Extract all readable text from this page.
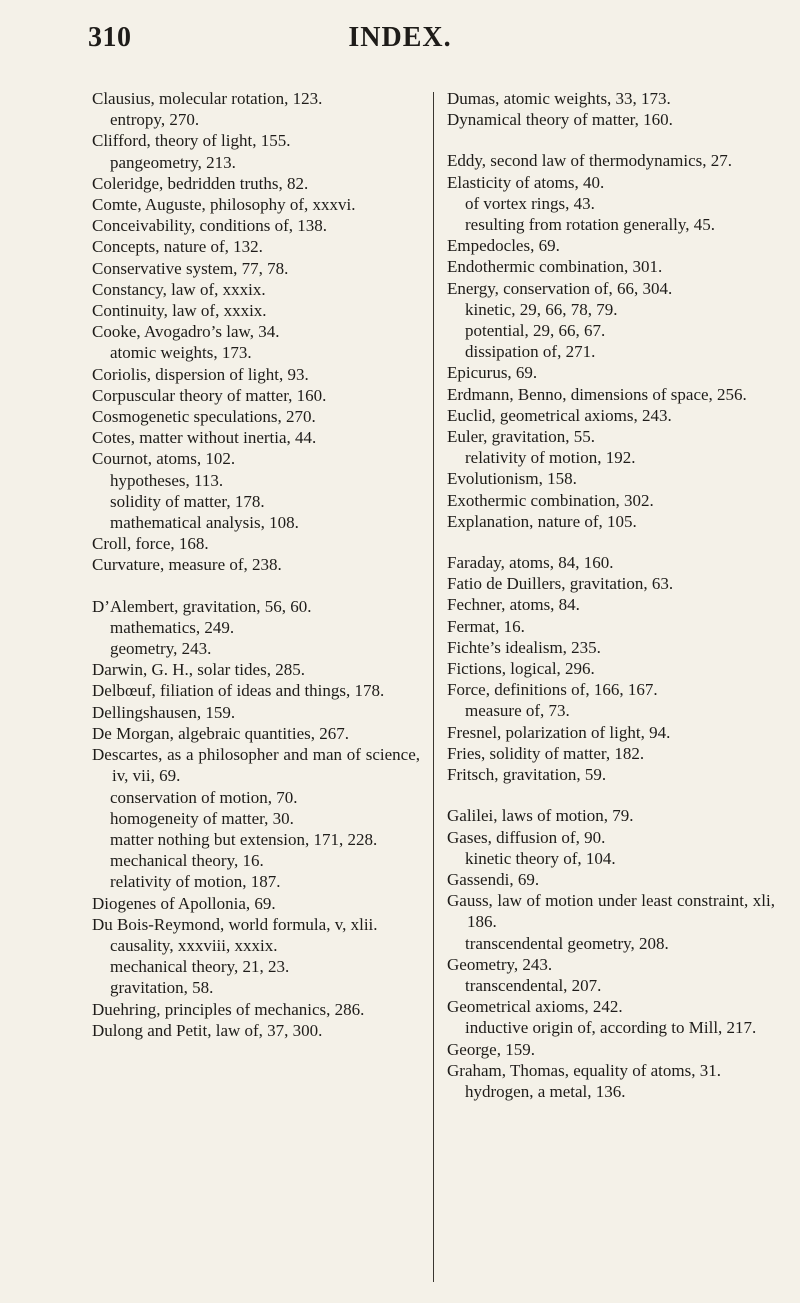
310	INDEX.

Clausius, molecular rotation, 123.

entropy, 270.

Clifford, theory of light, 155.

pangeometry, 213.

Coleridge, bedridden truths, 82.

Comte, Auguste, philosophy of, xxxvi.

Conceivability, conditions of, 138.

Concepts, nature of, 132.

Conservative system, 77, 78.

Constancy, law of, xxxix.

Continuity, law of, xxxix.

Cooke, Avogadro’s law, 34.

atomic weights, 173.

Coriolis, dispersion of light, 93.

Corpuscular theory of matter, 160.

Cosmogenetic speculations, 270.

Cotes, matter without inertia, 44.

Cournot, atoms, 102.

hypotheses, 113.

solidity of matter, 178.

mathematical analysis, 108.

Croll, force, 168.

Curvature, measure of, 238.

D’Alembert, gravitation, 56, 60.

mathematics, 249.

geometry, 243.

Darwin, G. H., solar tides, 285.

Delbœuf, filiation of ideas and things, 178.

Dellingshausen, 159.

De Morgan, algebraic quantities, 267.

Descartes, as a philosopher and man of science, iv, vii, 69.

conservation of motion, 70.

homogeneity of matter, 30.

matter nothing but extension, 171, 228.

mechanical theory, 16.

relativity of motion, 187.

Diogenes of Apollonia, 69.

Du Bois-Reymond, world formula, v, xlii.

causality, xxxviii, xxxix.

mechanical theory, 21, 23.

gravitation, 58.

Duehring, principles of mechanics, 286.

Dulong and Petit, law of, 37, 300.

Dumas, atomic weights, 33, 173.

Dynamical theory of matter, 160.

Eddy, second law of thermodynamics, 27.

Elasticity of atoms, 40.

of vortex rings, 43.

resulting from rotation generally, 45.

Empedocles, 69.

Endothermic combination, 301.

Energy, conservation of, 66, 304.

kinetic, 29, 66, 78, 79.

potential, 29, 66, 67.

dissipation of, 271.

Epicurus, 69.

Erdmann, Benno, dimensions of space, 256.

Euclid, geometrical axioms, 243.

Euler, gravitation, 55.

relativity of motion, 192.

Evolutionism, 158.

Exothermic combination, 302.

Explanation, nature of, 105.

Faraday, atoms, 84, 160.

Fatio de Duillers, gravitation, 63.

Fechner, atoms, 84.

Fermat, 16.

Fichte’s idealism, 235.

Fictions, logical, 296.

Force, definitions of, 166, 167.

measure of, 73.

Fresnel, polarization of light, 94.

Fries, solidity of matter, 182.

Fritsch, gravitation, 59.

Galilei, laws of motion, 79.

Gases, diffusion of, 90.

kinetic theory of, 104.

Gassendi, 69.

Gauss, law of motion under least constraint, xli, 186.

transcendental geometry, 208.

Geometry, 243.

transcendental, 207.

Geometrical axioms, 242.

inductive origin of, according to Mill, 217.

George, 159.

Graham, Thomas, equality of atoms, 31.

hydrogen, a metal, 136.
